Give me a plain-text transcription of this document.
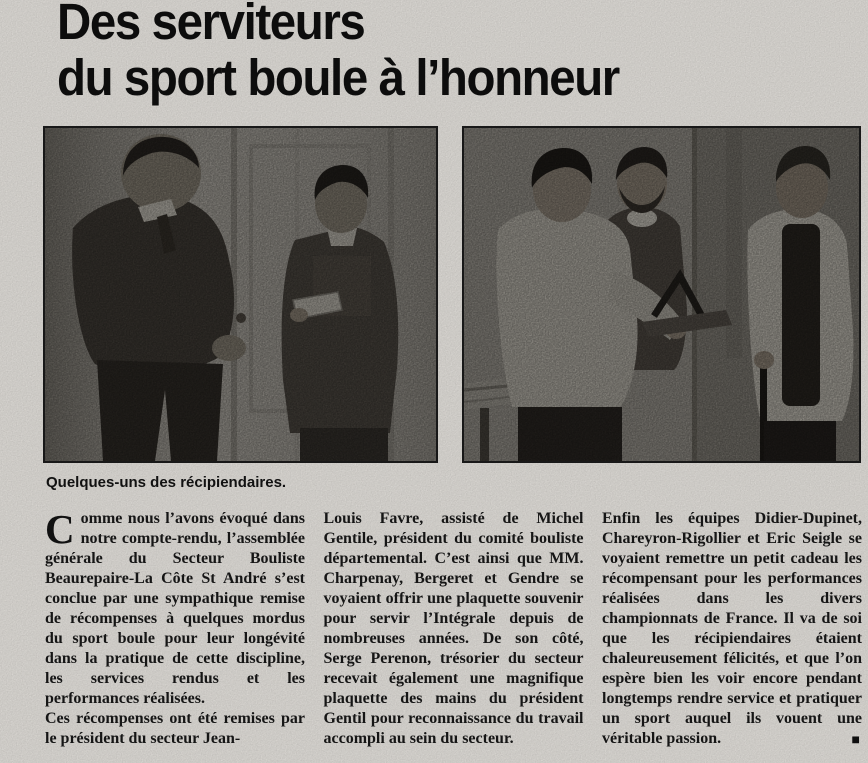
Des serviteurs
du sport boule à l’honneur
Quelques-uns des récipiendaires.

Comme nous l’avons évoqué dans notre compte-rendu, l’assemblée générale du Secteur Bouliste Beaurepaire-La Côte St André s’est conclue par une sympathique remise de récompenses à quelques mordus du sport boule pour leur longévité dans la pratique de cette discipline, les services rendus et les performances réalisées.

Ces récompenses ont été remises par le président du secteur Jean-

Louis Favre, assisté de Michel Gentile, président du comité bouliste départemental. C’est ainsi que MM. Charpenay, Bergeret et Gendre se voyaient offrir une plaquette souvenir pour servir l’Intégrale depuis de nombreuses années. De son côté, Serge Perenon, trésorier du secteur recevait également une magnifique plaquette des mains du président Gentil pour reconnaissance du travail accompli au sein du secteur.

Enfin les équipes Didier-Dupinet, Chareyron-Rigollier et Eric Seigle se voyaient remettre un petit cadeau les récompensant pour les performances réalisées dans les divers championnats de France. Il va de soi que les récipiendaires étaient chaleureusement félicités, et que l’on espère bien les voir encore pendant longtemps rendre service et pratiquer un sport auquel ils vouent une véritable passion.	■
